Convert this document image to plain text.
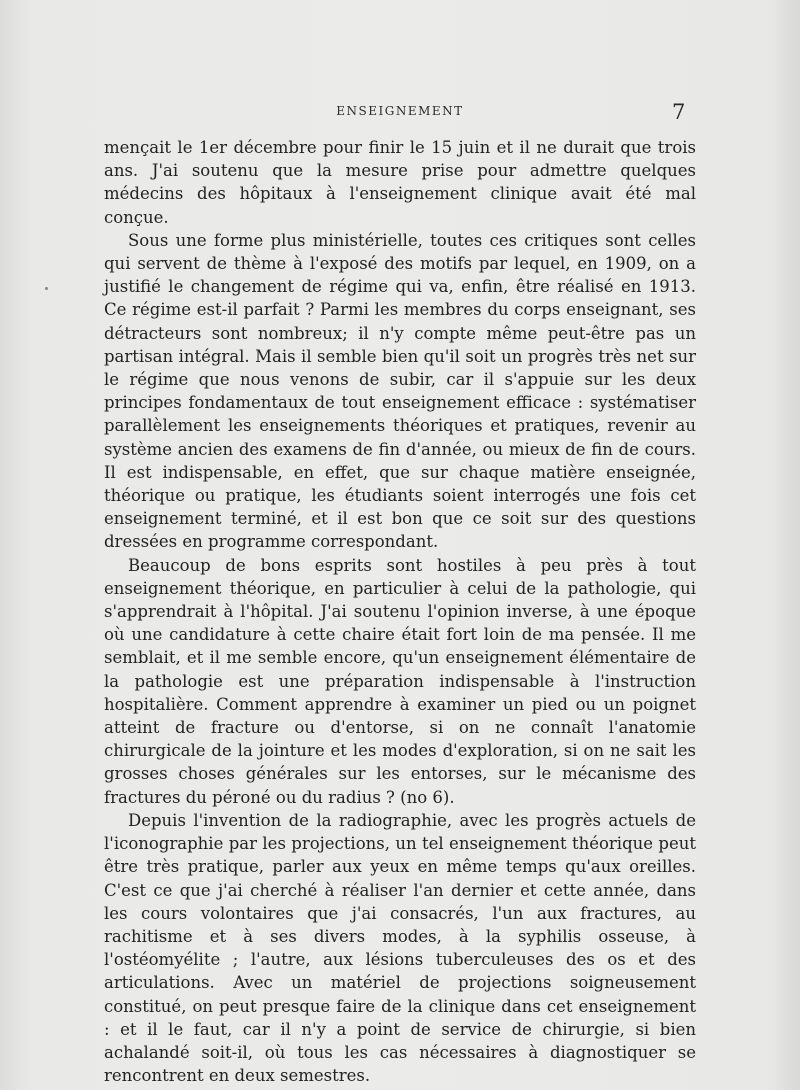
ENSEIGNEMENT	7

mençait le 1er décembre pour finir le 15 juin et il ne durait que trois ans. J'ai soutenu que la mesure prise pour admettre quelques médecins des hôpitaux à l'enseignement clinique avait été mal conçue.

Sous une forme plus ministérielle, toutes ces critiques sont celles qui servent de thème à l'exposé des motifs par lequel, en 1909, on a justifié le changement de régime qui va, enfin, être réalisé en 1913. Ce régime est-il parfait ? Parmi les membres du corps enseignant, ses détracteurs sont nombreux; il n'y compte même peut-être pas un partisan intégral. Mais il semble bien qu'il soit un progrès très net sur le régime que nous venons de subir, car il s'appuie sur les deux principes fondamentaux de tout enseignement efficace : systématiser parallèlement les enseignements théoriques et pratiques, revenir au système ancien des examens de fin d'année, ou mieux de fin de cours. Il est indispensable, en effet, que sur chaque matière enseignée, théorique ou pratique, les étudiants soient interrogés une fois cet enseignement terminé, et il est bon que ce soit sur des questions dressées en programme correspondant.

Beaucoup de bons esprits sont hostiles à peu près à tout enseignement théorique, en particulier à celui de la pathologie, qui s'apprendrait à l'hôpital. J'ai soutenu l'opinion inverse, à une époque où une candidature à cette chaire était fort loin de ma pensée. Il me semblait, et il me semble encore, qu'un enseignement élémentaire de la pathologie est une préparation indispensable à l'instruction hospitalière. Comment apprendre à examiner un pied ou un poignet atteint de fracture ou d'entorse, si on ne connaît l'anatomie chirurgicale de la jointure et les modes d'exploration, si on ne sait les grosses choses générales sur les entorses, sur le mécanisme des fractures du péroné ou du radius ? (no 6).

Depuis l'invention de la radiographie, avec les progrès actuels de l'iconographie par les projections, un tel enseignement théorique peut être très pratique, parler aux yeux en même temps qu'aux oreilles. C'est ce que j'ai cherché à réaliser l'an dernier et cette année, dans les cours volontaires que j'ai consacrés, l'un aux fractures, au rachitisme et à ses divers modes, à la syphilis osseuse, à l'ostéomyélite ; l'autre, aux lésions tuberculeuses des os et des articulations. Avec un matériel de projections soigneusement constitué, on peut presque faire de la clinique dans cet enseignement : et il le faut, car il n'y a point de service de chirurgie, si bien achalandé soit-il, où tous les cas nécessaires à diagnostiquer se rencontrent en deux semestres.
